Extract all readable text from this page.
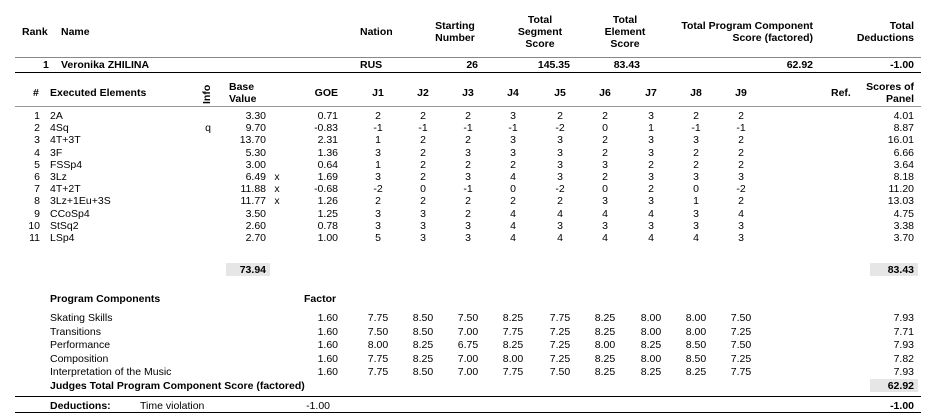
Rank Name	Nation	Starting
Number
Total
Segment
Score
Total
Element
Score
Total Program Component
Score (factored)
Total
Deductions
1 Veronika ZHILINA	RUS	26	145.35	83.43	62.92	-1.00
# Executed Elements	Info Base
Value	GOE	J1	J2	J3	J4	J5	J6	J7	J8	J9	Ref.	Scores of
Panel
1 2A	3.30	0.71	2	2	2	3	2	2	3	2	2	4.01
2 4Sq	q	9.70	-0.83	-1	-1	-1	-1	-2	0	1	-1	-1	8.87
3 4T+3T	13.70	2.31	1	2	2	3	3	2	3	3	2	16.01
4 3F	5.30	1.36	3	2	3	3	3	2	3	2	2	6.66
5 FSSp4	3.00	0.64	1	2	2	2	3	3	2	2	2	3.64
6 3Lz	6.49 x	1.69	3	2	3	4	3	2	3	3	3	8.18
7 4T+2T	11.88 x	-0.68	-2	0	-1	0	-2	0	2	0	-2	11.20
8 3Lz+1Eu+3S	11.77 x	1.26	2	2	2	2	2	3	3	1	2	13.03
9 CCoSp4	3.50	1.25	3	3	2	4	4	4	4	3	4	4.75
10 StSq2	2.60	0.78	3	3	3	4	3	3	3	3	3	3.38
11 LSp4	2.70	1.00	5	3	3	4	4	4	4	4	3	3.70
73.94	83.43
Program Components	Factor
Skating Skills	1.60	7.75	8.50	7.50	8.25	7.75	8.25	8.00	8.00	7.50	7.93
Transitions	1.60	7.50	8.50	7.00	7.75	7.25	8.25	8.00	8.00	7.25	7.71
Performance	1.60	8.00	8.25	6.75	8.25	7.25	8.00	8.25	8.50	7.50	7.93
Composition	1.60	7.75	8.25	7.00	8.00	7.25	8.25	8.00	8.50	7.25	7.82
Interpretation of the Music	1.60	7.75	8.50	7.00	7.75	7.50	8.25	8.25	8.25	7.75	7.93
Judges Total Program Component Score (factored)	62.92
Deductions:	Time violation	-1.00	-1.00
